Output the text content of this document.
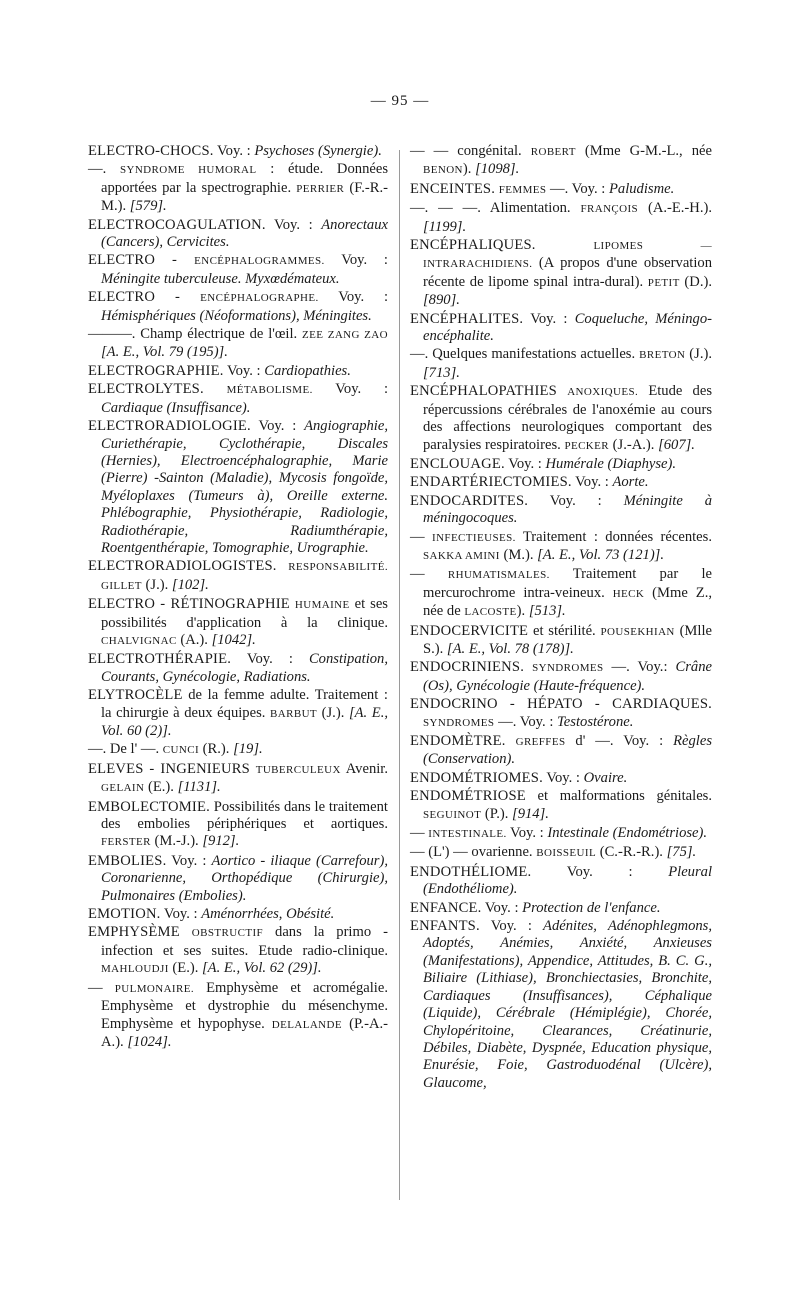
— 95 —

ELECTRO-CHOCS. Voy. : Psychoses (Synergie).

—. SYNDROME HUMORAL : étude. Données apportées par la spectrographie. PERRIER (F.-R.-M.). [579].

ELECTROCOAGULATION. Voy. : Anorectaux (Cancers), Cervicites.

ELECTRO - ENCÉPHALOGRAMMES. Voy. : Méningite tuberculeuse. Myxœdémateux.

ELECTRO - ENCÉPHALOGRAPHE. Voy. : Hémisphériques (Néoformations), Méningites.

———. Champ électrique de l'œil. ZEE ZANG ZAO [A. E., Vol. 79 (195)].

ELECTROGRAPHIE. Voy. : Cardiopathies.

ELECTROLYTES. MÉTABOLISME. Voy. : Cardiaque (Insuffisance).

ELECTRORADIOLOGIE. Voy. : Angiographie, Curiethérapie, Cyclothérapie, Discales (Hernies), Electroencéphalographie, Marie (Pierre) -Sainton (Maladie), Mycosis fongoïde, Myéloplaxes (Tumeurs à), Oreille externe. Phlébographie, Physiothérapie, Radiologie, Radiothérapie, Radiumthérapie, Roentgenthérapie, Tomographie, Urographie.

ELECTRORADIOLOGISTES. RESPONSABILITÉ. GILLET (J.). [102].

ELECTRO - RÉTINOGRAPHIE HUMAINE et ses possibilités d'application à la clinique. CHALVIGNAC (A.). [1042].

ELECTROTHÉRAPIE. Voy. : Constipation, Courants, Gynécologie, Radiations.

ELYTROCÈLE de la femme adulte. Traitement : la chirurgie à deux équipes. BARBUT (J.). [A. E., Vol. 60 (2)].

—. De l' —. CUNCI (R.). [19].

ELEVES - INGENIEURS TUBERCULEUX Avenir. GELAIN (E.). [1131].

EMBOLECTOMIE. Possibilités dans le traitement des embolies périphériques et aortiques. FERSTER (M.-J.). [912].

EMBOLIES. Voy. : Aortico - iliaque (Carrefour), Coronarienne, Orthopédique (Chirurgie), Pulmonaires (Embolies).

EMOTION. Voy. : Aménorrhées, Obésité.

EMPHYSÈME OBSTRUCTIF dans la primo - infection et ses suites. Etude radio-clinique. MAHLOUDJI (E.). [A. E., Vol. 62 (29)].

— PULMONAIRE. Emphysème et acromégalie. Emphysème et dystrophie du mésenchyme. Emphysème et hypophyse. DELALANDE (P.-A.-A.). [1024].

— — congénital. ROBERT (Mme G-M.-L., née BENON). [1098].

ENCEINTES. FEMMES —. Voy. : Paludisme.

—. — —. Alimentation. FRANÇOIS (A.-E.-H.). [1199].

ENCÉPHALIQUES.	LIPOMES — INTRARACHIDIENS. (A propos d'une observation récente de lipome spinal intra-dural). PETIT (D.). [890].

ENCÉPHALITES. Voy. : Coqueluche, Méningo-encéphalite.

—. Quelques manifestations actuelles. BRETON (J.). [713].

ENCÉPHALOPATHIES ANOXIQUES. Etude des répercussions cérébrales de l'anoxémie au cours des affections neurologiques comportant des paralysies respiratoires. PECKER (J.-A.). [607].

ENCLOUAGE. Voy. : Humérale (Diaphyse).

ENDARTÉRIECTOMIES. Voy. : Aorte.

ENDOCARDITES. Voy. : Méningite à méningocoques.

— INFECTIEUSES. Traitement : données récentes. SAKKA AMINI (M.). [A. E., Vol. 73 (121)].

— RHUMATISMALES. Traitement par le mercurochrome intra-veineux. HECK (Mme Z., née de LACOSTE). [513].

ENDOCERVICITE et stérilité. POUSEKHIAN (Mlle S.). [A. E., Vol. 78 (178)].

ENDOCRINIENS. SYNDROMES —. Voy.: Crâne (Os), Gynécologie (Haute-fréquence).

ENDOCRINO - HÉPATO - CARDIAQUES. SYNDROMES —. Voy. : Testostérone.

ENDOMÈTRE. GREFFES d' —. Voy. : Règles (Conservation).

ENDOMÉTRIOMES. Voy. : Ovaire.

ENDOMÉTRIOSE et malformations génitales. SEGUINOT (P.). [914].

— INTESTINALE. Voy. : Intestinale (Endométriose).

— (L') — ovarienne. BOISSEUIL (C.-R.-R.). [75].

ENDOTHÉLIOME. Voy. : Pleural (Endothéliome).

ENFANCE. Voy. : Protection de l'enfance.

ENFANTS. Voy. : Adénites, Adénophlegmons, Adoptés, Anémies, Anxiété, Anxieuses (Manifestations), Appendice, Attitudes, B. C. G., Biliaire (Lithiase), Bronchiectasies, Bronchite, Cardiaques (Insuffisances), Céphalique (Liquide), Cérébrale (Hémiplégie), Chorée, Chylopéritoine, Clearances, Créatinurie, Débiles, Diabète, Dyspnée, Education physique, Enurésie, Foie, Gastroduodénal (Ulcère), Glaucome,
